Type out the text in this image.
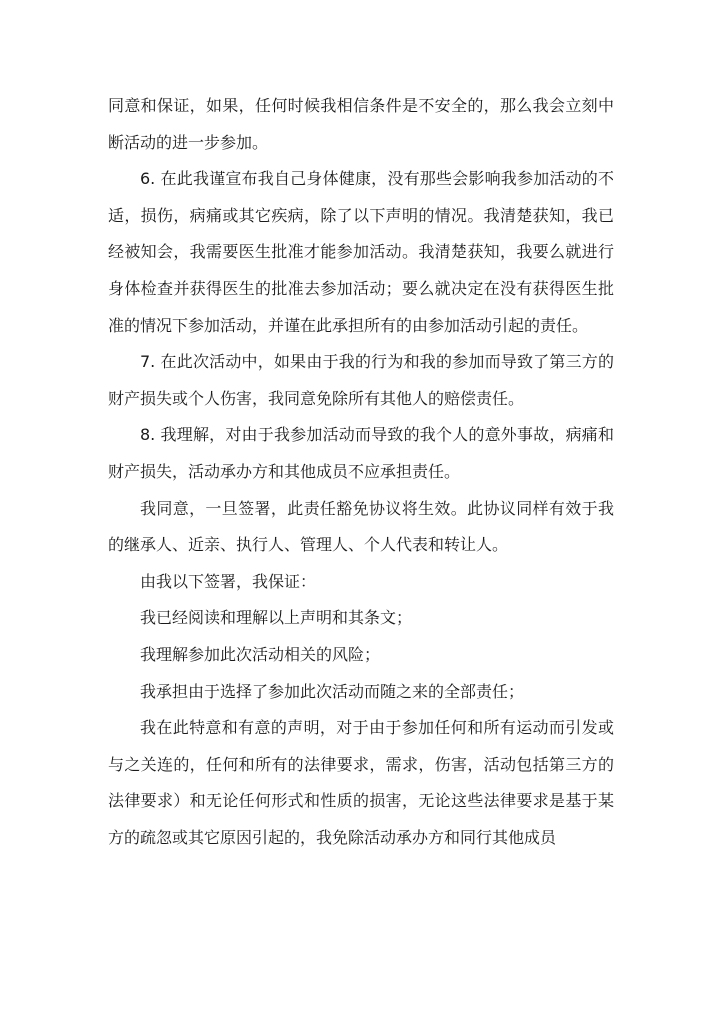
同意和保证，如果，任何时候我相信条件是不安全的，那么我会立刻中断活动的进一步参加。

6. 在此我谨宣布我自己身体健康，没有那些会影响我参加活动的不适，损伤，病痛或其它疾病，除了以下声明的情况。我清楚获知，我已经被知会，我需要医生批准才能参加活动。我清楚获知，我要么就进行身体检查并获得医生的批准去参加活动；要么就决定在没有获得医生批准的情况下参加活动，并谨在此承担所有的由参加活动引起的责任。

7. 在此次活动中，如果由于我的行为和我的参加而导致了第三方的财产损失或个人伤害，我同意免除所有其他人的赔偿责任。

8. 我理解，对由于我参加活动而导致的我个人的意外事故，病痛和财产损失，活动承办方和其他成员不应承担责任。

我同意，一旦签署，此责任豁免协议将生效。此协议同样有效于我的继承人、近亲、执行人、管理人、个人代表和转让人。

由我以下签署，我保证：

我已经阅读和理解以上声明和其条文；

我理解参加此次活动相关的风险；

我承担由于选择了参加此次活动而随之来的全部责任；

我在此特意和有意的声明，对于由于参加任何和所有运动而引发或与之关连的，任何和所有的法律要求，需求，伤害，活动包括第三方的法律要求）和无论任何形式和性质的损害，无论这些法律要求是基于某方的疏忽或其它原因引起的，我免除活动承办方和同行其他成员
